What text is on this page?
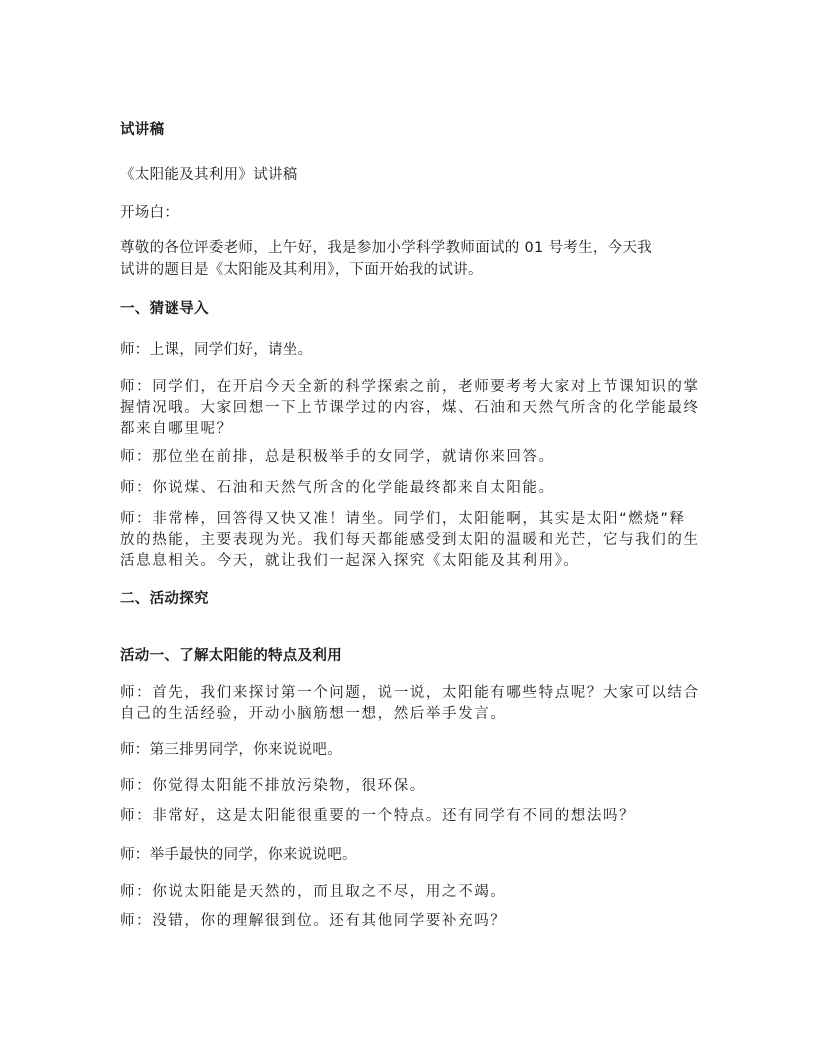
试讲稿
《太阳能及其利用》试讲稿
开场白：
尊敬的各位评委老师，上午好，我是参加小学科学教师面试的 01 号考生，今天我
试讲的题目是《太阳能及其利用》，下面开始我的试讲。
一、猜谜导入
师：上课，同学们好，请坐。
师：同学们，在开启今天全新的科学探索之前，老师要考考大家对上节课知识的掌握情况哦。大家回想一下上节课学过的内容，煤、石油和天然气所含的化学能最终都来自哪里呢？
师：那位坐在前排，总是积极举手的女同学，就请你来回答。
师：你说煤、石油和天然气所含的化学能最终都来自太阳能。
师：非常棒，回答得又快又准！请坐。同学们，太阳能啊，其实是太阳“燃烧”释放的热能，主要表现为光。我们每天都能感受到太阳的温暖和光芒，它与我们的生活息息相关。今天，就让我们一起深入探究《太阳能及其利用》。
二、活动探究
活动一、了解太阳能的特点及利用
师：首先，我们来探讨第一个问题，说一说，太阳能有哪些特点呢？大家可以结合自己的生活经验，开动小脑筋想一想，然后举手发言。
师：第三排男同学，你来说说吧。
师：你觉得太阳能不排放污染物，很环保。
师：非常好，这是太阳能很重要的一个特点。还有同学有不同的想法吗？
师：举手最快的同学，你来说说吧。
师：你说太阳能是天然的，而且取之不尽，用之不竭。
师：没错，你的理解很到位。还有其他同学要补充吗？
